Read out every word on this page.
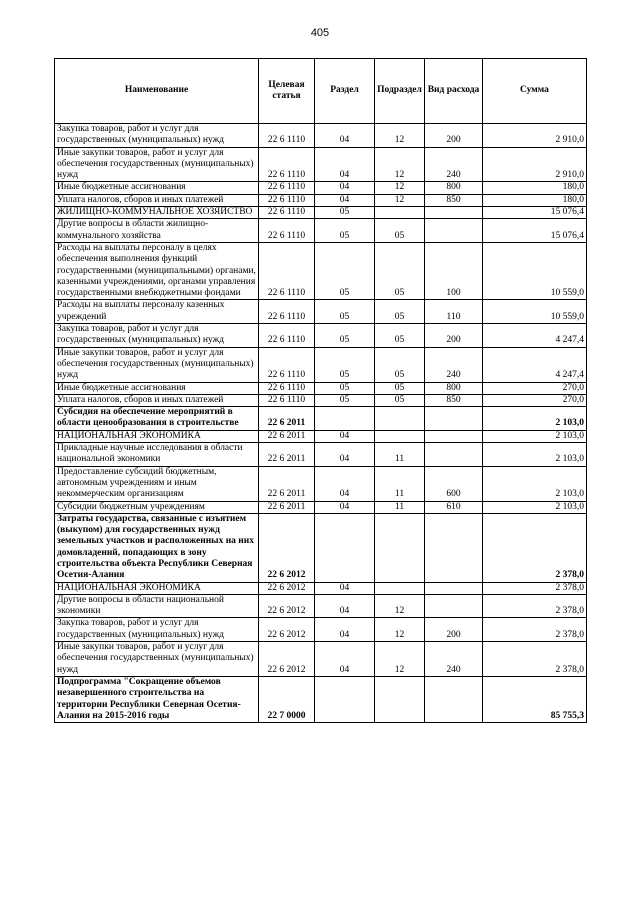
405
Наименование	Целевая статья	Раздел	Подраздел	Вид расхода	Сумма
Закупка товаров, работ и услуг для государственных (муниципальных) нужд	22 6 1110	04	12	200	2 910,0
Иные закупки товаров, работ и услуг для обеспечения государственных (муниципальных) нужд	22 6 1110	04	12	240	2 910,0
Иные бюджетные ассигнования	22 6 1110	04	12	800	180,0
Уплата налогов, сборов и иных платежей	22 6 1110	04	12	850	180,0
ЖИЛИЩНО-КОММУНАЛЬНОЕ ХОЗЯЙСТВО	22 6 1110	05			15 076,4
Другие вопросы в области жилищно-коммунального хозяйства	22 6 1110	05	05		15 076,4
Расходы на выплаты персоналу в целях обеспечения выполнения функций государственными (муниципальными) органами, казенными учреждениями, органами управления государственными внебюджетными фондами	22 6 1110	05	05	100	10 559,0
Расходы на выплаты персоналу казенных учреждений	22 6 1110	05	05	110	10 559,0
Закупка товаров, работ и услуг для государственных (муниципальных) нужд	22 6 1110	05	05	200	4 247,4
Иные закупки товаров, работ и услуг для обеспечения государственных (муниципальных) нужд	22 6 1110	05	05	240	4 247,4
Иные бюджетные ассигнования	22 6 1110	05	05	800	270,0
Уплата налогов, сборов и иных платежей	22 6 1110	05	05	850	270,0
Субсидия на обеспечение мероприятий в области ценообразования в строительстве	22 6 2011				2 103,0
НАЦИОНАЛЬНАЯ ЭКОНОМИКА	22 6 2011	04			2 103,0
Прикладные научные исследования в области национальной экономики	22 6 2011	04	11		2 103,0
Предоставление субсидий бюджетным, автономным учреждениям и иным некоммерческим организациям	22 6 2011	04	11	600	2 103,0
Субсидии бюджетным учреждениям	22 6 2011	04	11	610	2 103,0
Затраты государства, связанные с изъятием (выкупом) для государственных нужд земельных участков и расположенных на них домовладений, попадающих в зону строительства объекта Республики Северная Осетия-Алания	22 6 2012				2 378,0
НАЦИОНАЛЬНАЯ ЭКОНОМИКА	22 6 2012	04			2 378,0
Другие вопросы в области национальной экономики	22 6 2012	04	12		2 378,0
Закупка товаров, работ и услуг для государственных (муниципальных) нужд	22 6 2012	04	12	200	2 378,0
Иные закупки товаров, работ и услуг для обеспечения государственных (муниципальных) нужд	22 6 2012	04	12	240	2 378,0
Подпрограмма "Сокращение объемов незавершенного строительства на территории Республики Северная Осетия-Алания на 2015-2016 годы	22 7 0000				85 755,3
